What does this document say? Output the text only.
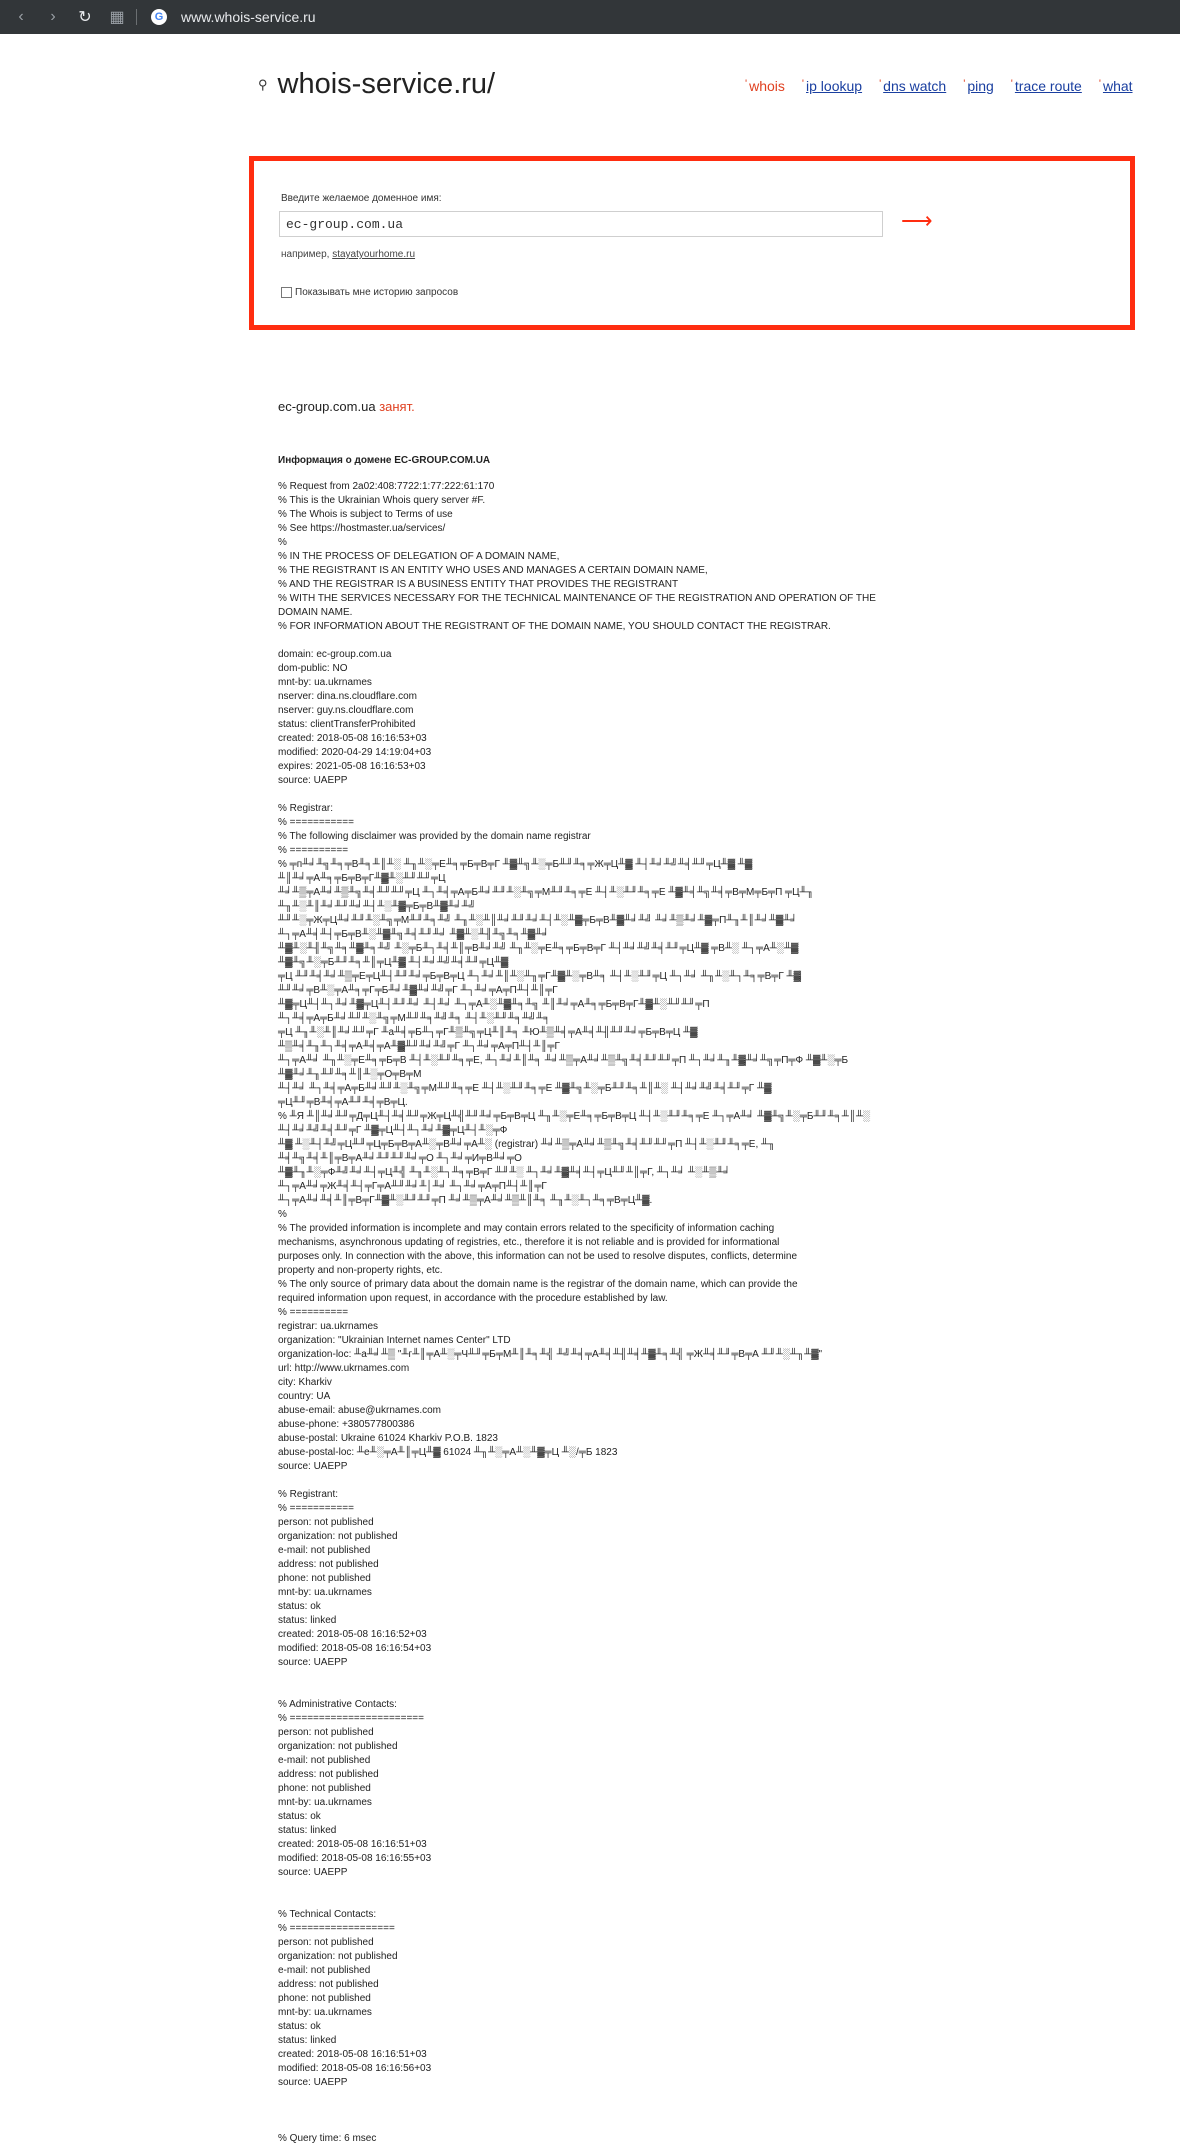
‹	›	↻ ▦	G www.whois-service.ru
⚲ whois-service.ru/	' whois ' ip lookup ' dns watch ' ping ' trace route ' what
Введите желаемое доменное имя:
ec-group.com.ua
⟶
например, stayatyourhome.ru
Показывать мне историю запросов
ec-group.com.ua занят.
Информация о домене EC-GROUP.COM.UA
% Request from 2a02:408:7722:1:77:222:61:170
% This is the Ukrainian Whois query server #F.
% The Whois is subject to Terms of use
% See https://hostmaster.ua/services/
%
% IN THE PROCESS OF DELEGATION OF A DOMAIN NAME,
% THE REGISTRANT IS AN ENTITY WHO USES AND MANAGES A CERTAIN DOMAIN NAME,
% AND THE REGISTRAR IS A BUSINESS ENTITY THAT PROVIDES THE REGISTRANT
% WITH THE SERVICES NECESSARY FOR THE TECHNICAL MAINTENANCE OF THE REGISTRATION AND OPERATION OF THE
DOMAIN NAME.
% FOR INFORMATION ABOUT THE REGISTRANT OF THE DOMAIN NAME, YOU SHOULD CONTACT THE REGISTRAR.
domain: ec-group.com.ua
dom-public: NO
mnt-by: ua.ukrnames
nserver: dina.ns.cloudflare.com
nserver: guy.ns.cloudflare.com
status: clientTransferProhibited
created: 2018-05-08 16:16:53+03
modified: 2020-04-29 14:19:04+03
expires: 2021-05-08 16:16:53+03
source: UAEPP
% Registrar:
% ===========
% The following disclaimer was provided by the domain name registrar
% ==========
% ╤п╨╛╨╗╨╕╤В╨╕╨║╨░ ╨╖╨░╤Е╨╕╤Б╤В╤Г ╨▓╨╗╨░╤Б╨╜╨╕╤Ж╤Ц╨▓ ╨┤╨╛╨╝╨╡╨╜╤Ц╨▓ ╨▓ ╨║╨╛╤А╨╕╤Б╤В╤Г╨▓╨░╨╜╨╜╤Ц
╨╛╨▒╤А╨╛╨▒╨╗╨╡╨╜╨╜╤Ц ╨┐╨╡╤А╤Б╨╛╨╜╨░╨╗╤М╨╜╨╕╤Е ╨┤╨░╨╜╨╕╤Е ╨▓╨╡╨╗╨╡╤В╤М╤Б╤П ╤Ц╨╖ ╨╖╨░╨║╨╛╨╜╨╛╨┤╨░╨▓╤Б╤В╨▓╨╛╨╝
╨╜╨░╤Ж╤Ц╨╛╨╜╨░╨╗╤М╨╜╨╕╨╝ ╨╖╨░╨║╨╛╨╜╨╛╨┤╨░╨▓╤Б╤В╨▓╨╛╨╝ ╨╛╨▒╨╛╨▓╤П╨╖╨║╨╛╨▓╨╛ ╨┐╤А╨╡╨┤╤Б╤В╨░╨▓╨╗╨╡╨╜╨╛ ╨▓╨░╨╢╨╗╨╕╨▓╨╛
╨▓╨░╨╢╨╗╨╕╨▓╨╕╨╝ ╨░╤Б╨┐╨╡╨║╤В╨╛╨╝ ╨╖╨░╤Е╨╕╤Б╤В╤Г ╨┤╨╛╨╝╨╡╨╜╤Ц╨▓ ╤В╨░ ╨┐╤А╨░╨▓ ╨▓╨╗╨░╤Б╨╜╨╕╨║╤Ц╨▓ ╨┤╨╛╨╝╨╡╨╜╤Ц╨▓
╤Ц ╨╜╨╡╨╛╨▒╤Е╤Ц╨┤╨╜╨╛╤Б╤В╤Ц ╨┐╨╛╨║╨░╨╖╤Г╨▓╨░╤В╨╕ ╨┤╨░╨╜╤Ц ╨┐╨╛ ╨╖╨░╨┐╨╕╤В╤Г ╨▓ ╨╜╨╛╤В╨░╤А╨╕╤Г╤Б╨╛╨▓╨╛╨╝╤Г ╨┐╨╛╤А╤П╨┤╨║╤Г
╨▓╤Ц╨┤╨┐╨╛╨▓╤Ц╨┤╨╜╨╛ ╨┤╨╛ ╨┐╤А╨░╨▓╨╕╨╗ ╨║╨╛╤А╨╕╤Б╤В╤Г╨▓╨░╨╜╨╜╤П ╨┐╨╡╤А╤Б╨╛╨╜╨░╨╗╤М╨╜╨╕╨╝╨╕ ╨┤╨░╨╜╨╕╨╝╨╕
╤Ц ╨╖╨░╨║╨╛╨╜╤Г ╨а╨╡╤Б╨┐╤Г╨▒╨╗╤Ц╨║╨╕ ╨Ю╨▒╨╡╤А╨╡╨╢╨╜╨╛╤Б╤В╤Ц ╨▓ ╨▒╨╡╨╖╨┐╨╡╤А╨╡╤А╨▓╨╜╨╛╨╝╤Г ╨┐╨╛╤А╤П╨┤╨║╤Г
╨┐╤А╨╛ ╨╖╨░╤Е╨╕╤Б╤В ╨┤╨░╨╜╨╕╤Е, ╨┐╨╛╨║╨╕ ╨╛╨▒╤А╨╛╨▒╨╗╨╡╨╜╨╜╤П ╨┐╨╛╨╖╨▓╨╛╨╗╤П╤Ф ╨▓╨░╤Б ╨▓╨╛╨╖╨╜╨╕╨║╨░╤О╤В╤М
╨┤╨╛ ╨┐╨╡╤А╤Б╨╛╨╜╨░╨╗╤М╨╜╨╕╤Е ╨┤╨░╨╜╨╕╤Е ╨▓╨╗╨░╤Б╨╜╨╕╨║╨░ ╨┤╨╛╨╝╨╡╨╜╤Г ╨▓ ╤Ц╨╜╤В╨╡╤А╨╜╨╡╤В╤Ц.
% ╨Я ╨║╨╛╨╜╤Д╤Ц╨┤╨╡╨╜╤Ж╤Ц╨╣╨╜╨╛╤Б╤В╤Ц ╨╖╨░╤Е╨╕╤Б╤В╤Ц ╨┤╨░╨╜╨╕╤Е ╨┐╤А╨╛ ╨▓╨╗╨░╤Б╨╜╨╕╨║╨░ ╨┤╨╛╨╝╨╡╨╜╤Г ╨▓╤Ц╨┤╨┐╨╛╨▓╤Ц╨┤╨░╤Ф
╨▓ ╨░╨┤╨╝╤Ц╨╜╤Ц╤Б╤В╤А╨░╤В╨╛╤А╨░ (registrar) ╨╛╨▒╤А╨╛╨▒╨╗╨╡╨╜╨╜╤П ╨┤╨░╨╜╨╕╤Е, ╨╖ ╨╡╨╗╨╡╨║╤В╤А╨╛╨╜╨╜╨╛╤О ╨┐╨╛╤И╤В╨╛╤О
╨▓╨╖╨░╤Ф╨╝╨╛╨┤╤Ц╨╣ ╨╖╨░╨┐╨╕╤В╤Г ╨╜╨░ ╨┐╨╛╨▓╨╡╨┤╤Ц╨╜╨║╤Г, ╨┐╨╛ ╨░╨▒╨╛ ╨┐╤А╨╛╤Ж╨╡╨┤╤Г╤А╨╜╨╛╨│╨╛ ╨┐╨╛╤А╤П╨┤╨║╤Г
╨┐╤А╨╛╨╡╨║╤В╤Г╨▓╨░╨╜╨╜╤П ╨╛╨▒╤А╨╛╨▒╨║╨╕ ╨╖╨░╨┐╨╕╤В╤Ц╨▓.
%
% The provided information is incomplete and may contain errors related to the specificity of information caching
mechanisms, asynchronous updating of registries, etc., therefore it is not reliable and is provided for informational
purposes only. In connection with the above, this information can not be used to resolve disputes, conflicts, determine
property and non-property rights, etc.
% The only source of primary data about the domain name is the registrar of the domain name, which can provide the
required information upon request, in accordance with the procedure established by law.
% ==========
registrar: ua.ukrnames
organization: "Ukrainian Internet names Center" LTD
organization-loc: ╨а╨╛╨▒ "╨г╨║╤А╨░╤Ч╨╜╤Б╤М╨║╨╕╨╣ ╨╝╨╡╤А╨╡╨╢╨╡╨▓╨╕╨╣ ╤Ж╨╡╨╜╤В╤А ╨╜╨░╨╖╨▓"
url: http://www.ukrnames.com
city: Kharkiv
country: UA
abuse-email: abuse@ukrnames.com
abuse-phone: +380577800386
abuse-postal: Ukraine 61024 Kharkiv P.O.B. 1823
abuse-postal-loc: ╨е╨░╤А╨║╤Ц╨▓ 61024 ╨╖╨░╤А╨░╨▓╤Ц ╨░/╤Б 1823
source: UAEPP
% Registrant:
% ===========
person: not published
organization: not published
e-mail: not published
address: not published
phone: not published
mnt-by: ua.ukrnames
status: ok
status: linked
created: 2018-05-08 16:16:52+03
modified: 2018-05-08 16:16:54+03
source: UAEPP
% Administrative Contacts:
% =======================
person: not published
organization: not published
e-mail: not published
address: not published
phone: not published
mnt-by: ua.ukrnames
status: ok
status: linked
created: 2018-05-08 16:16:51+03
modified: 2018-05-08 16:16:55+03
source: UAEPP
% Technical Contacts:
% ==================
person: not published
organization: not published
e-mail: not published
address: not published
phone: not published
mnt-by: ua.ukrnames
status: ok
status: linked
created: 2018-05-08 16:16:51+03
modified: 2018-05-08 16:16:56+03
source: UAEPP
% Query time: 6 msec
